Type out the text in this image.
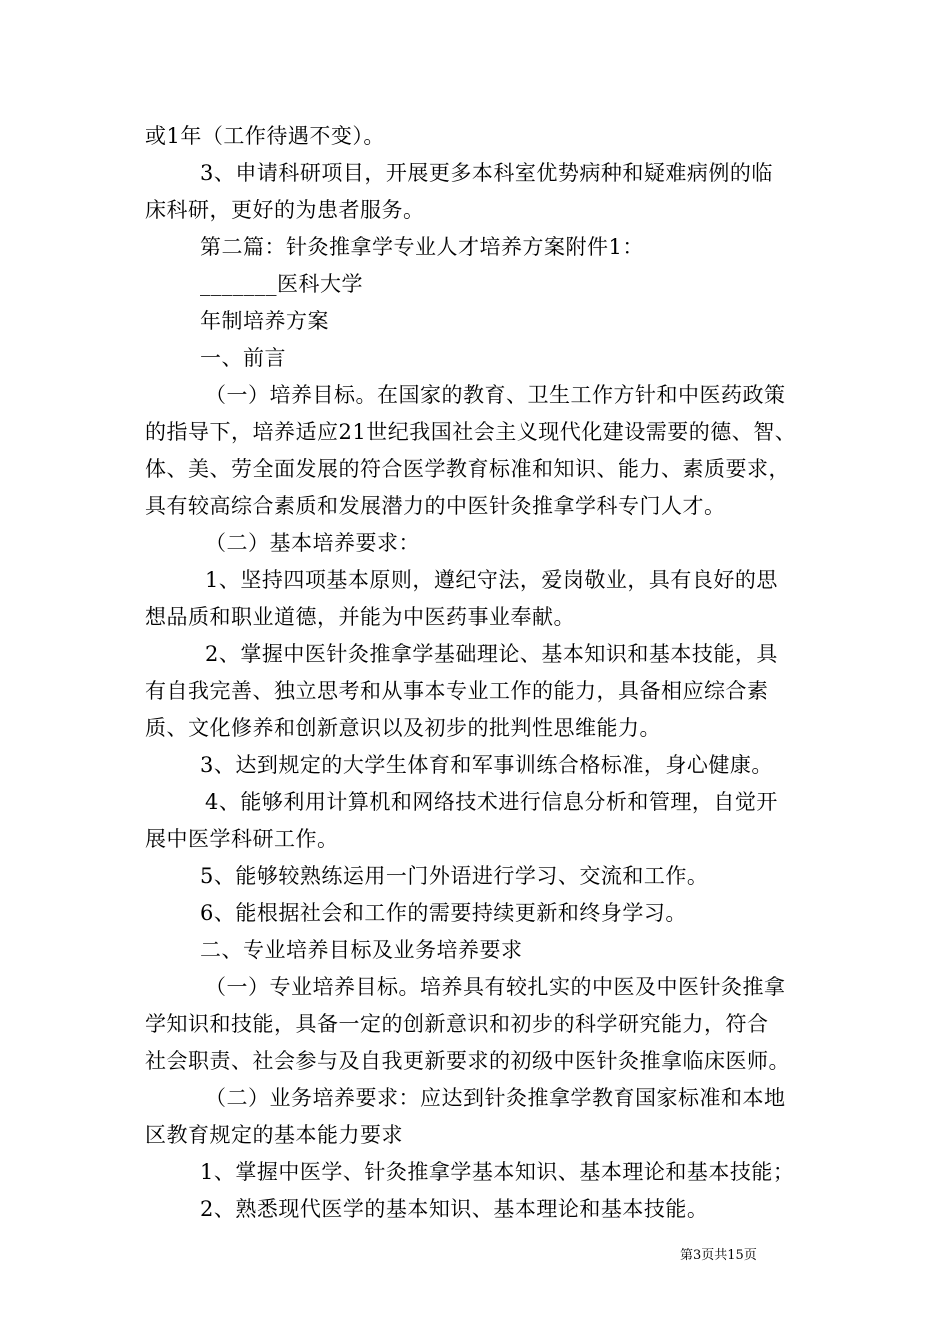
或1年（工作待遇不变）。
3、申请科研项目，开展更多本科室优势病种和疑难病例的临
床科研，更好的为患者服务。
第二篇：针灸推拿学专业人才培养方案附件1：
_______医科大学
年制培养方案
一、前言
（一）培养目标。在国家的教育、卫生工作方针和中医药政策
的指导下，培养适应21世纪我国社会主义现代化建设需要的德、智、
体、美、劳全面发展的符合医学教育标准和知识、能力、素质要求，
具有较高综合素质和发展潜力的中医针灸推拿学科专门人才。
（二）基本培养要求：
1、坚持四项基本原则，遵纪守法，爱岗敬业，具有良好的思
想品质和职业道德，并能为中医药事业奉献。
2、掌握中医针灸推拿学基础理论、基本知识和基本技能，具
有自我完善、独立思考和从事本专业工作的能力，具备相应综合素
质、文化修养和创新意识以及初步的批判性思维能力。
3、达到规定的大学生体育和军事训练合格标准，身心健康。
4、能够利用计算机和网络技术进行信息分析和管理，自觉开
展中医学科研工作。
5、能够较熟练运用一门外语进行学习、交流和工作。
6、能根据社会和工作的需要持续更新和终身学习。
二、专业培养目标及业务培养要求
（一）专业培养目标。培养具有较扎实的中医及中医针灸推拿
学知识和技能，具备一定的创新意识和初步的科学研究能力，符合
社会职责、社会参与及自我更新要求的初级中医针灸推拿临床医师。
（二）业务培养要求：应达到针灸推拿学教育国家标准和本地
区教育规定的基本能力要求
1、掌握中医学、针灸推拿学基本知识、基本理论和基本技能；
2、熟悉现代医学的基本知识、基本理论和基本技能。
第3页共15页
